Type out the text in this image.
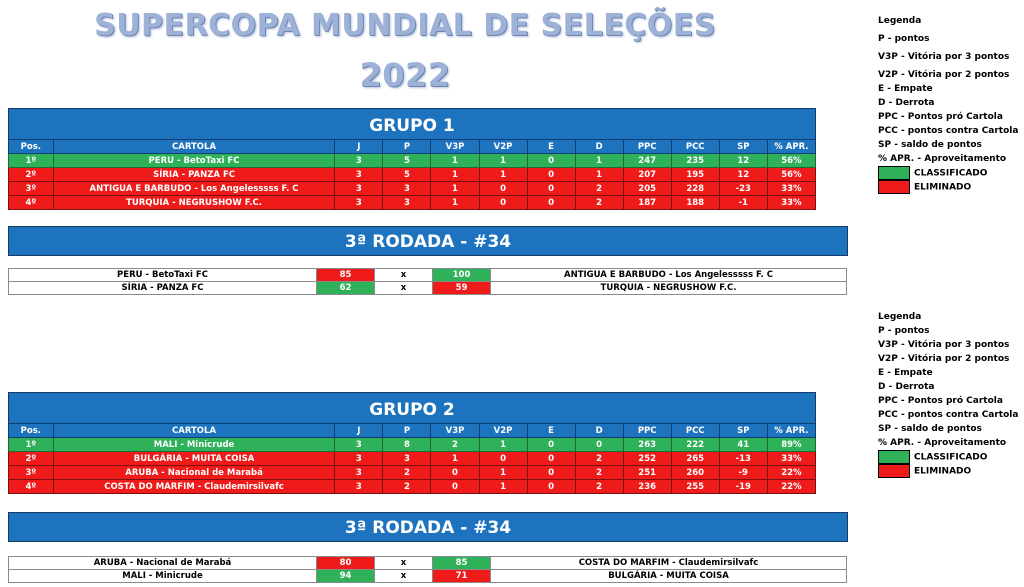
SUPERCOPA MUNDIAL DE SELEÇÕES
2022
GRUPO 1
Pos.	CARTOLA	J	P	V3P	V2P	E	D	PPC	PCC	SP	% APR.
1º	PERU - BetoTaxi FC	3	5	1	1	0	1	247	235	12	56%
2º	SÍRIA - PANZA FC	3	5	1	1	0	1	207	195	12	56%
3º	ANTIGUA E BARBUDO - Los Angelesssss F. C	3	3	1	0	0	2	205	228	-23	33%
4º	TURQUIA - NEGRUSHOW F.C.	3	3	1	0	0	2	187	188	-1	33%
3ª RODADA - #34
PERU - BetoTaxi FC	85	x	100	ANTIGUA E BARBUDO - Los Angelesssss F. C
SÍRIA - PANZA FC	62	x	59	TURQUIA - NEGRUSHOW F.C.
GRUPO 2
Pos.	CARTOLA	J	P	V3P	V2P	E	D	PPC	PCC	SP	% APR.
1º	MALI - Minicrude	3	8	2	1	0	0	263	222	41	89%
2º	BULGÁRIA - MUITA COISA	3	3	1	0	0	2	252	265	-13	33%
3º	ARUBA - Nacional de Marabá	3	2	0	1	0	2	251	260	-9	22%
4º	COSTA DO MARFIM - Claudemirsilvafc	3	2	0	1	0	2	236	255	-19	22%
3ª RODADA - #34
ARUBA - Nacional de Marabá	80	x	85	COSTA DO MARFIM - Claudemirsilvafc
MALI - Minicrude	94	x	71	BULGÁRIA - MUITA COISA
Legenda
P - pontos
V3P - Vitória por 3 pontos
V2P - Vitória por 2 pontos
E - Empate
D - Derrota
PPC - Pontos pró Cartola
PCC - pontos contra Cartola
SP - saldo de pontos
% APR. - Aproveitamento
CLASSIFICADO
ELIMINADO
Legenda
P - pontos
V3P - Vitória por 3 pontos
V2P - Vitória por 2 pontos
E - Empate
D - Derrota
PPC - Pontos pró Cartola
PCC - pontos contra Cartola
SP - saldo de pontos
% APR. - Aproveitamento
CLASSIFICADO
ELIMINADO
